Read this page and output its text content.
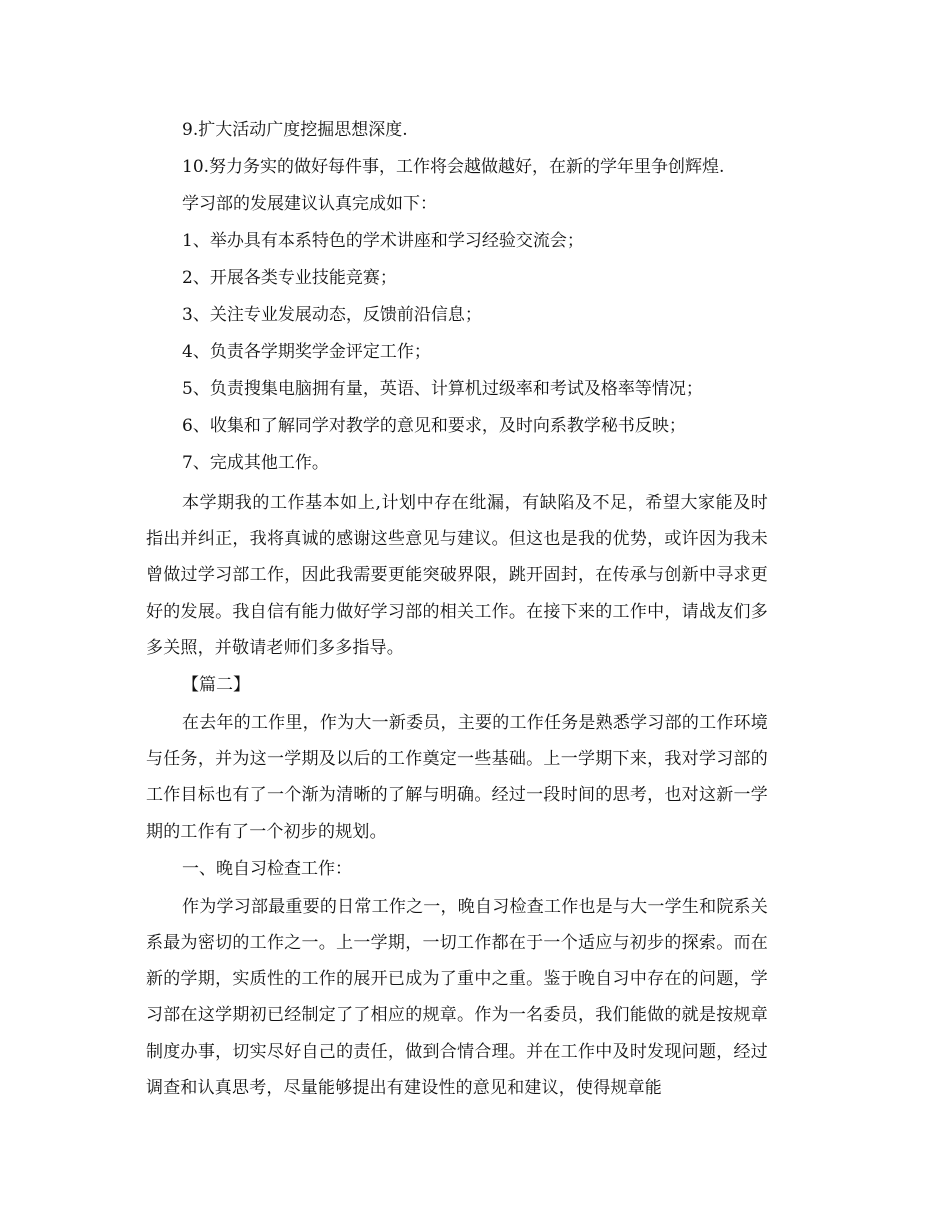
9.扩大活动广度挖掘思想深度.
10.努力务实的做好每件事，工作将会越做越好，在新的学年里争创辉煌.
学习部的发展建议认真完成如下：
1、举办具有本系特色的学术讲座和学习经验交流会；
2、开展各类专业技能竞赛；
3、关注专业发展动态，反馈前沿信息；
4、负责各学期奖学金评定工作；
5、负责搜集电脑拥有量，英语、计算机过级率和考试及格率等情况；
6、收集和了解同学对教学的意见和要求，及时向系教学秘书反映；
7、完成其他工作。

本学期我的工作基本如上,计划中存在纰漏，有缺陷及不足，希望大家能及时指出并纠正，我将真诚的感谢这些意见与建议。但这也是我的优势，或许因为我未曾做过学习部工作，因此我需要更能突破界限，跳开固封，在传承与创新中寻求更好的发展。我自信有能力做好学习部的相关工作。在接下来的工作中，请战友们多多关照，并敬请老师们多多指导。

【篇二】

在去年的工作里，作为大一新委员，主要的工作任务是熟悉学习部的工作环境与任务，并为这一学期及以后的工作奠定一些基础。上一学期下来，我对学习部的工作目标也有了一个渐为清晰的了解与明确。经过一段时间的思考，也对这新一学期的工作有了一个初步的规划。

一、晚自习检查工作：

作为学习部最重要的日常工作之一，晚自习检查工作也是与大一学生和院系关系最为密切的工作之一。上一学期，一切工作都在于一个适应与初步的探索。而在新的学期，实质性的工作的展开已成为了重中之重。鉴于晚自习中存在的问题，学习部在这学期初已经制定了了相应的规章。作为一名委员，我们能做的就是按规章制度办事，切实尽好自己的责任，做到合情合理。并在工作中及时发现问题，经过调查和认真思考，尽量能够提出有建设性的意见和建议，使得规章能
